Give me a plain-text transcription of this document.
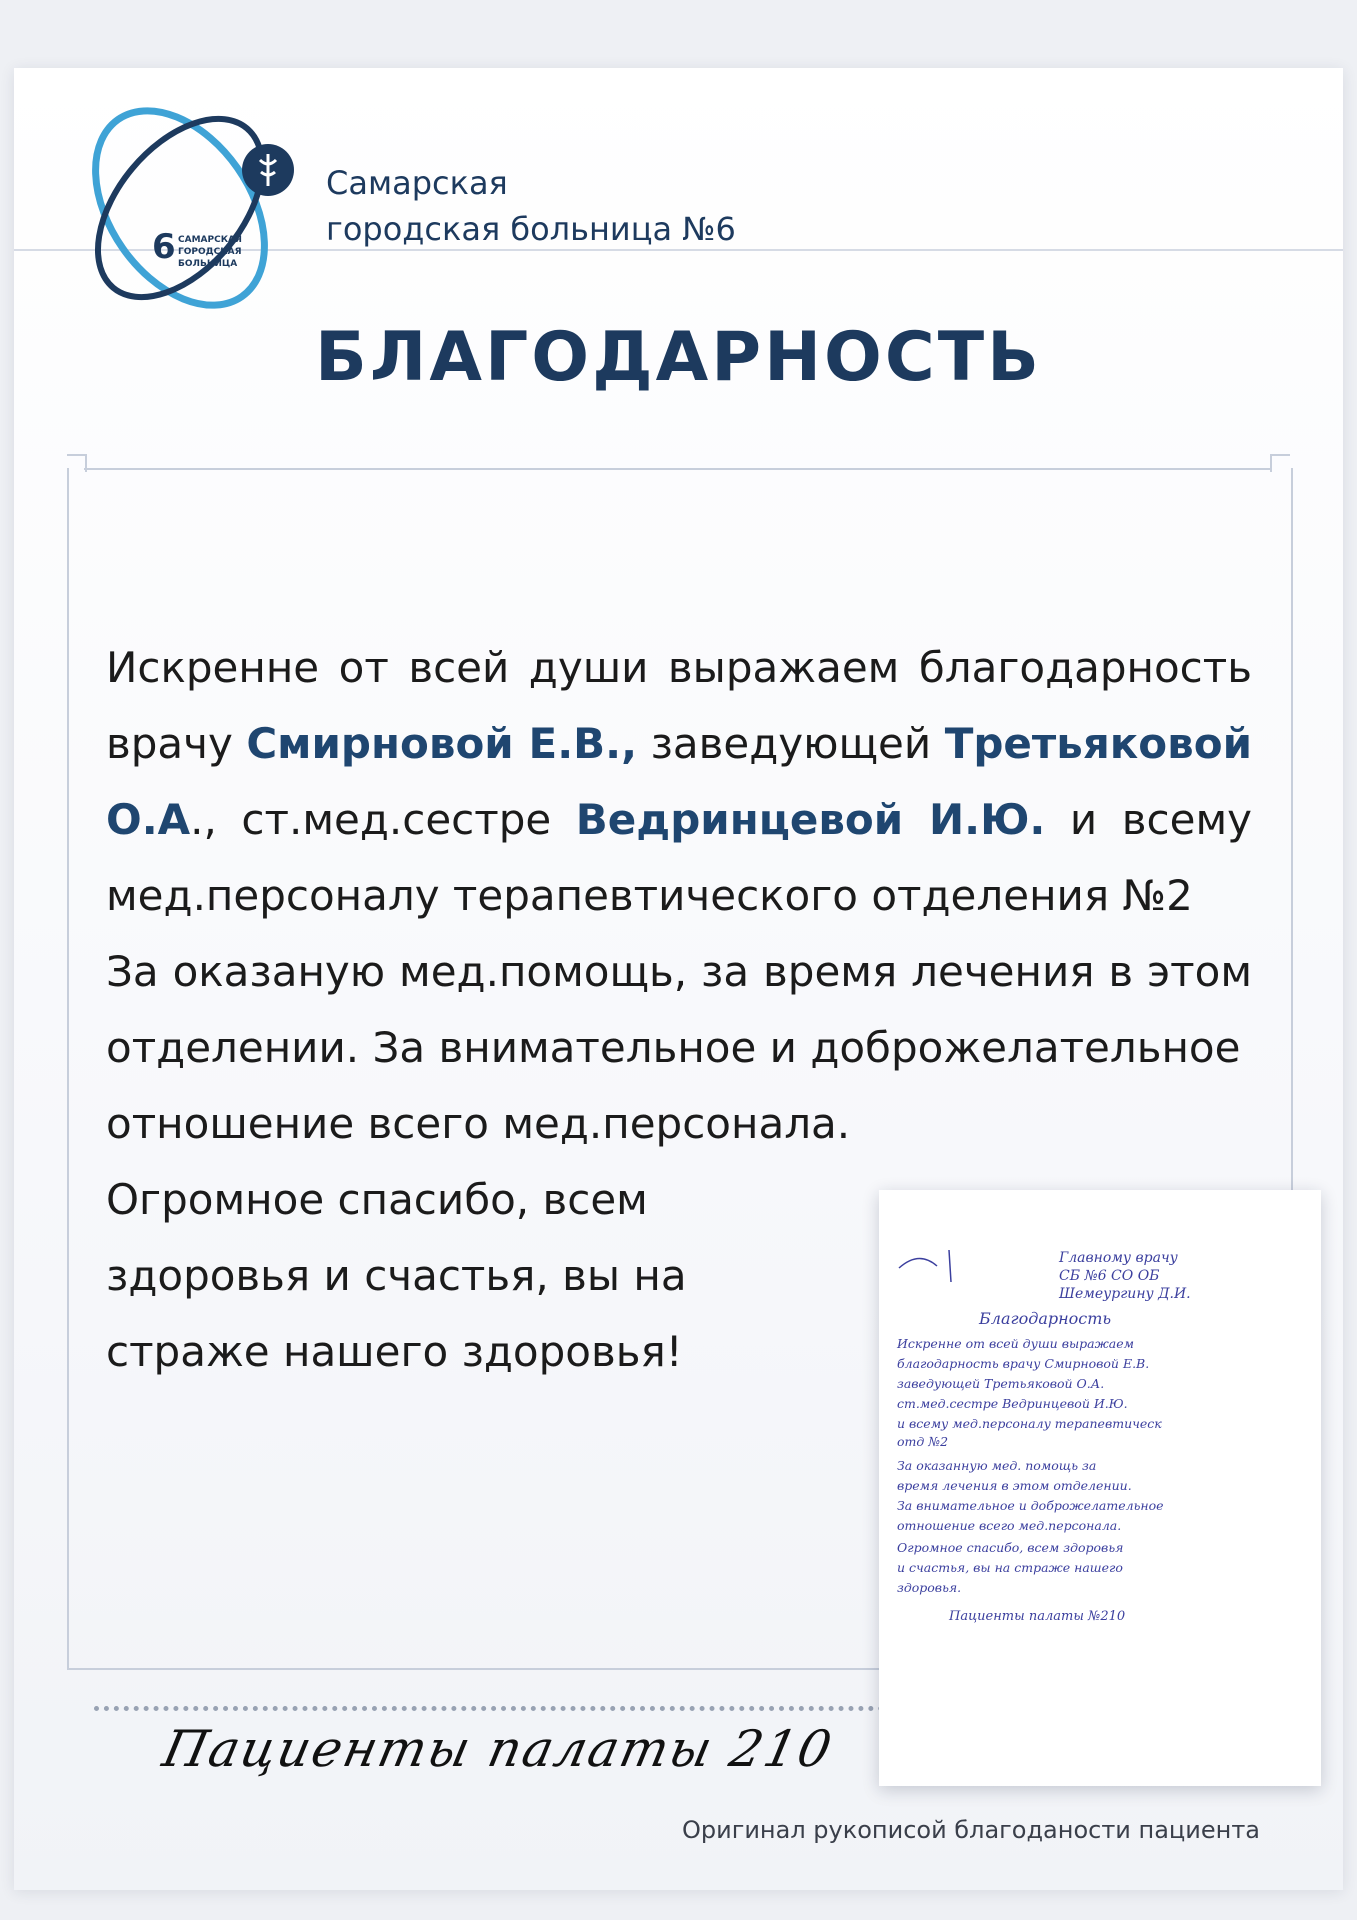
6 САМАРСКАЯ
ГОРОДСКАЯ
БОЛЬНИЦА
Самарская
городская больница №6
БЛАГОДАРНОСТЬ
Искренне от всей души выражаем благодарность врачу Смирновой Е.В., заведующей Третьяковой О.А., ст.мед.сестре Ведринцевой И.Ю. и всему мед.персоналу терапевтического отделения №2
За оказаную мед.помощь, за время лечения в этом отделении. За внимательное и доброжелательное
отношение всего мед.персонала.
Огромное спасибо, всем
здоровья и счастья, вы на
страже нашего здоровья!
Пациенты палаты 210
Главному врачу
СБ №6 СО ОБ
Шемеургину Д.И.
Благодарность
Искренне от всей души выражаем
благодарность врачу Смирновой Е.В.
заведующей Третьяковой О.А.
ст.мед.сестре Ведринцевой И.Ю.
и всему мед.персоналу терапевтическ
отд №2
За оказанную мед. помощь за
время лечения в этом отделении.
За внимательное и доброжелательное
отношение всего мед.персонала.
Огромное спасибо, всем здоровья
и счастья, вы на страже нашего
здоровья.
Пациенты палаты №210
Оригинал рукописой благоданости пациента
